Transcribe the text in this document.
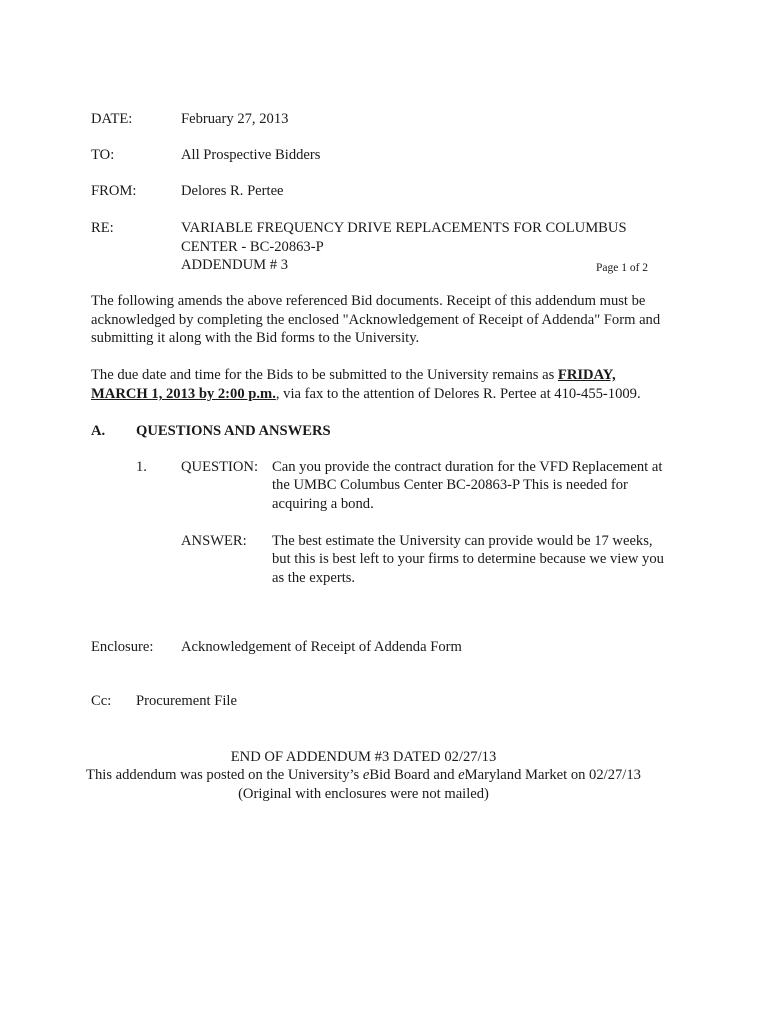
DATE:	February 27, 2013
TO:	All Prospective Bidders
FROM:	Delores R. Pertee
RE:	VARIABLE FREQUENCY DRIVE REPLACEMENTS FOR COLUMBUS
CENTER - BC-20863-P
ADDENDUM # 3	Page 1 of 2
The following amends the above referenced Bid documents. Receipt of this addendum must be
acknowledged by completing the enclosed "Acknowledgement of Receipt of Addenda" Form and
submitting it along with the Bid forms to the University.
The due date and time for the Bids to be submitted to the University remains as FRIDAY,
MARCH 1, 2013 by 2:00 p.m., via fax to the attention of Delores R. Pertee at 410-455-1009.
A. QUESTIONS AND ANSWERS
1. QUESTION: Can you provide the contract duration for the VFD Replacement at
the UMBC Columbus Center BC-20863-P This is needed for
acquiring a bond.
ANSWER: The best estimate the University can provide would be 17 weeks,
but this is best left to your firms to determine because we view you
as the experts.
Enclosure: Acknowledgement of Receipt of Addenda Form
Cc: Procurement File
END OF ADDENDUM #3 DATED 02/27/13
This addendum was posted on the University’s eBid Board and eMaryland Market on 02/27/13
(Original with enclosures were not mailed)
